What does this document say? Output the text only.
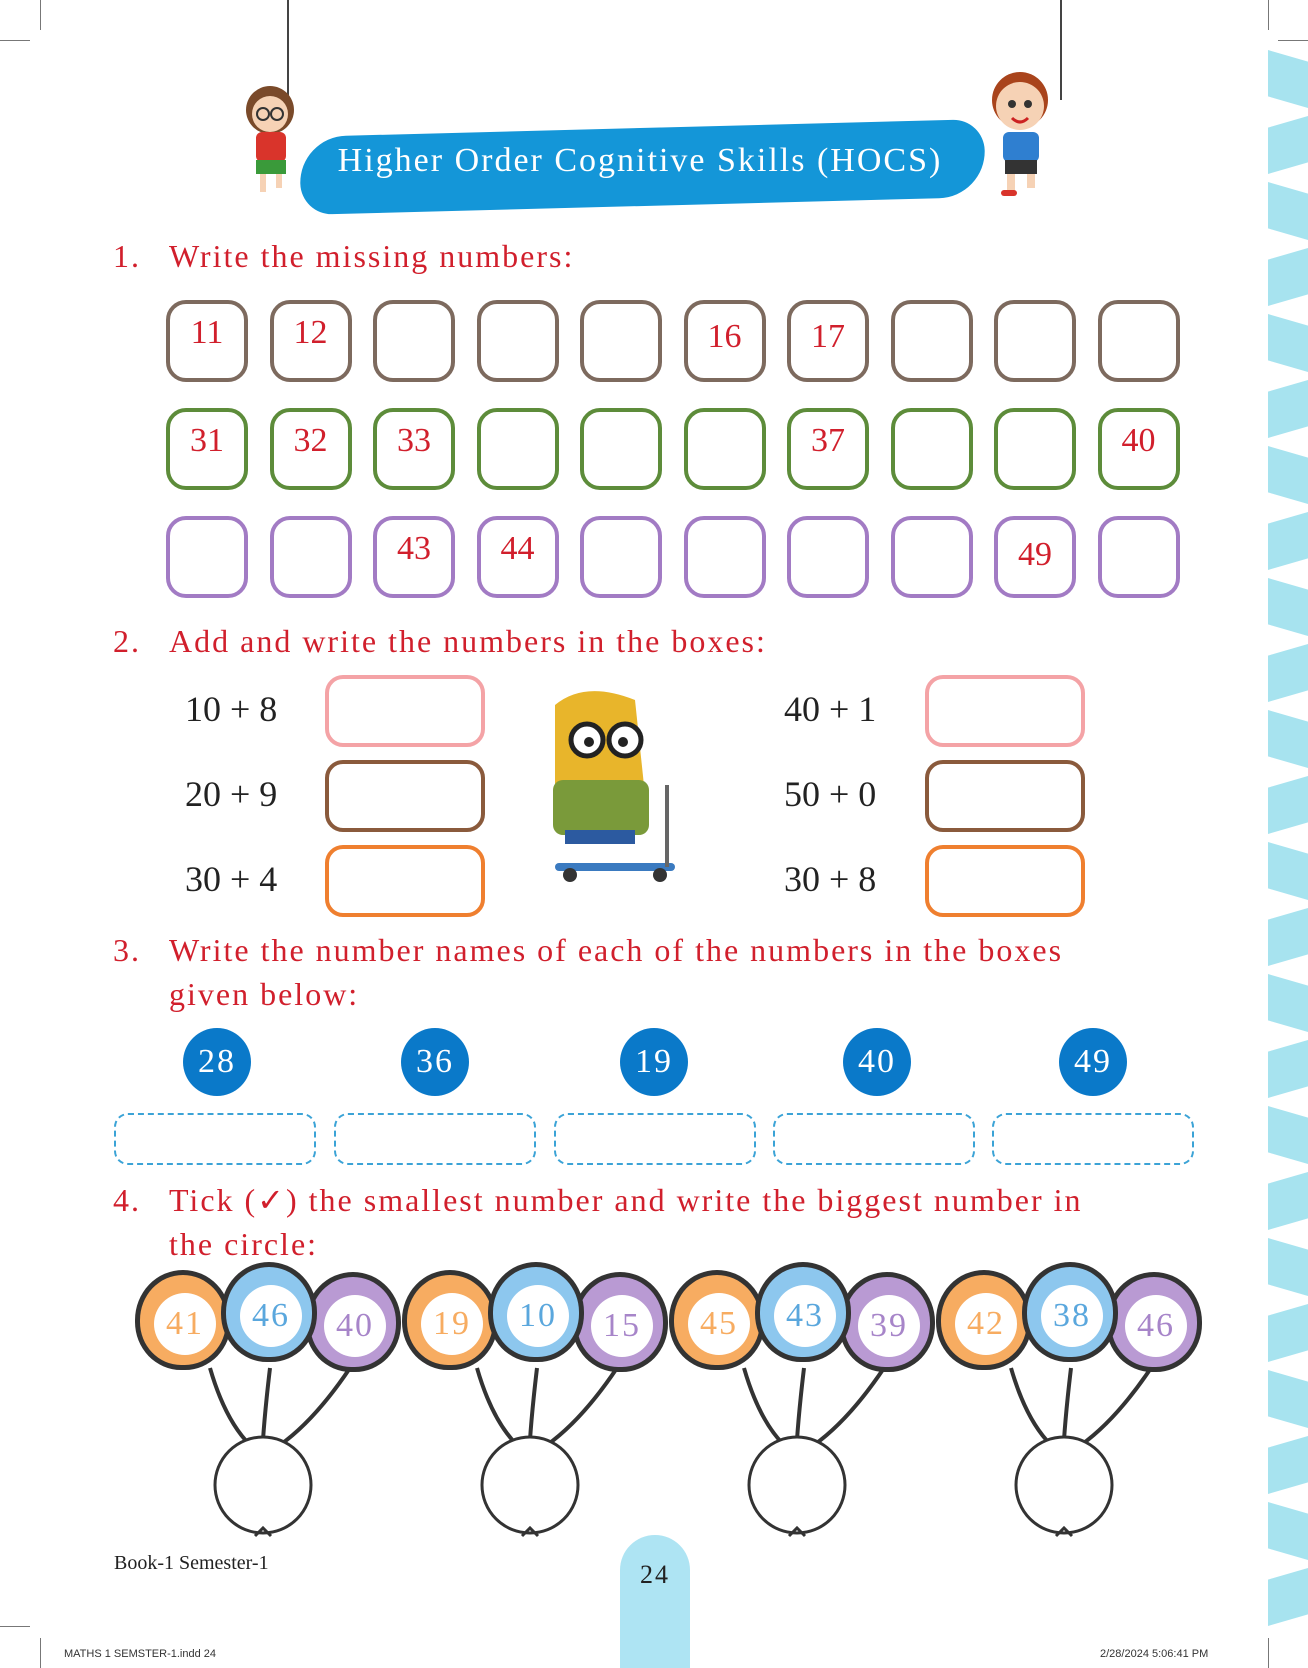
Higher Order Cognitive Skills (HOCS)
1. Write the missing numbers:
11	12	16	17
31	32	33	37	40
43	44	49
2. Add and write the numbers in the boxes:
10 + 8
20 + 9
30 + 4
40 + 1
50 + 0
30 + 8
3. Write the number names of each of the numbers in the boxes
given below:
28	36	19	40	49
4. Tick (✓) the smallest number and write the biggest number in
the circle:
41	46	40	19	10	15	45	43	39	42	38	46
Book-1 Semester-1	24
MATHS 1 SEMSTER-1.indd 24	2/28/2024 5:06:41 PM
